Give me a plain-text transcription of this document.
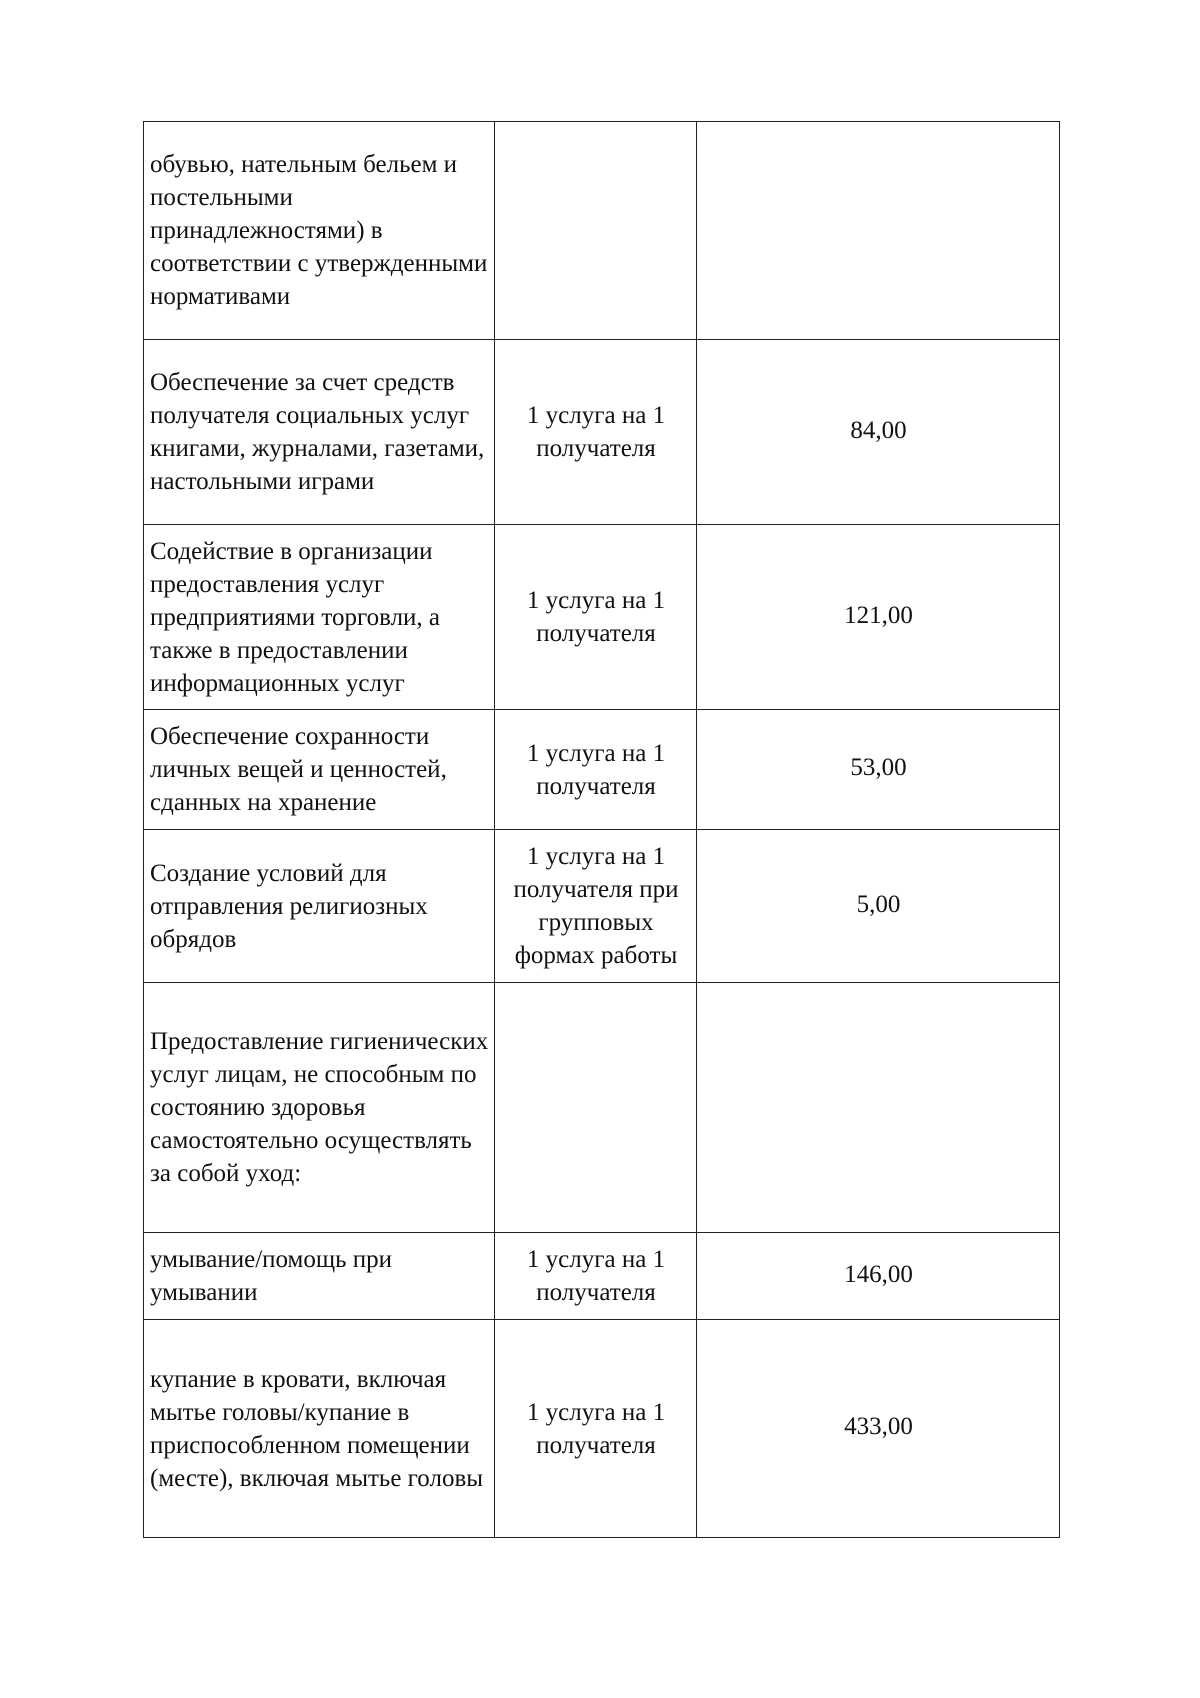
обувью, нательным бельем и постельными принадлежностями) в соответствии с утвержденными нормативами		

Обеспечение за счет средств получателя социальных услуг книгами, журналами, газетами, настольными играми	1 услуга на 1 получателя	84,00

Содействие в организации предоставления услуг предприятиями торговли, а также в предоставлении информационных услуг	1 услуга на 1 получателя	121,00

Обеспечение сохранности личных вещей и ценностей, сданных на хранение	1 услуга на 1 получателя	53,00

Создание условий для отправления религиозных обрядов	1 услуга на 1 получателя при групповых формах работы	5,00

Предоставление гигиенических услуг лицам, не способным по состоянию здоровья самостоятельно осуществлять за собой уход:		

умывание/помощь при умывании	1 услуга на 1 получателя	146,00

купание в кровати, включая мытье головы/купание в приспособленном помещении (месте), включая мытье головы	1 услуга на 1 получателя	433,00
